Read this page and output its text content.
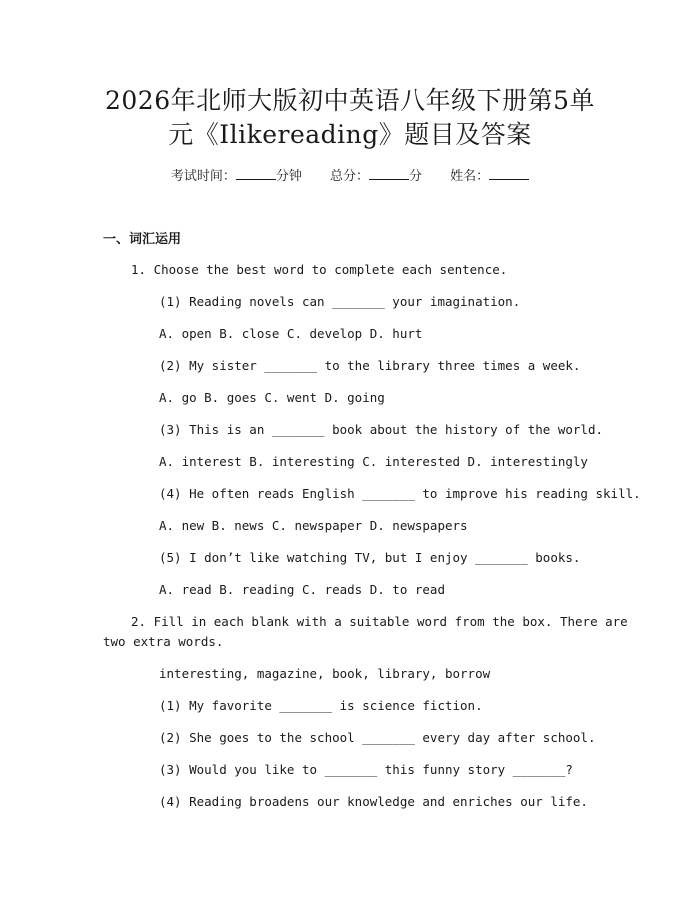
2026年北师大版初中英语八年级下册第5单
元《Ilikereading》题目及答案
考试时间：	分钟 总分：	分 姓名：
一、词汇运用
1. Choose the best word to complete each sentence.
(1) Reading novels can _______ your imagination.
A. open B. close C. develop D. hurt
(2) My sister _______ to the library three times a week.
A. go B. goes C. went D. going
(3) This is an _______ book about the history of the world.
A. interest B. interesting C. interested D. interestingly
(4) He often reads English _______ to improve his reading skill.
A. new B. news C. newspaper D. newspapers
(5) I don’t like watching TV, but I enjoy _______ books.
A. read B. reading C. reads D. to read
2. Fill in each blank with a suitable word from the box. There are
two extra words.
interesting, magazine, book, library, borrow
(1) My favorite _______ is science fiction.
(2) She goes to the school _______ every day after school.
(3) Would you like to _______ this funny story _______?
(4) Reading broadens our knowledge and enriches our life.
